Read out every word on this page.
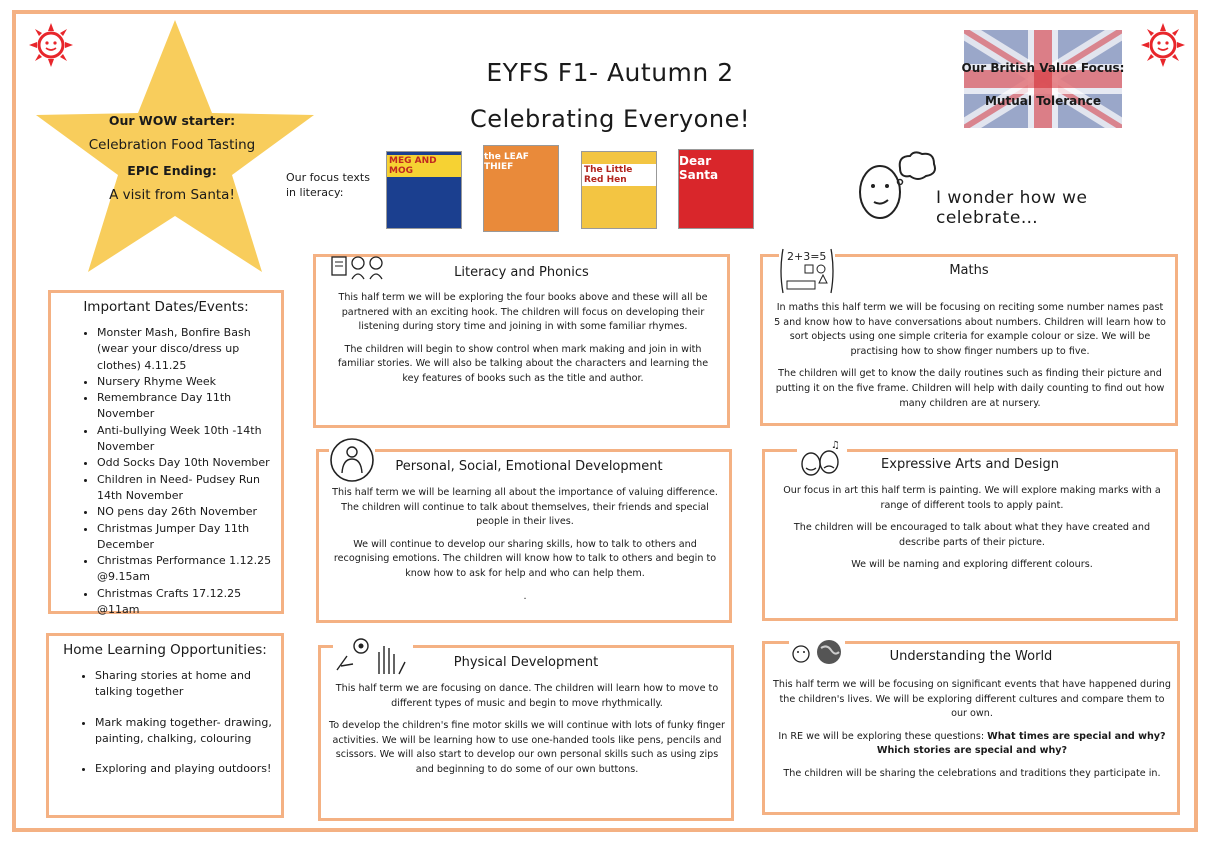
Our WOW starter:
Celebration Food Tasting
EPIC Ending:
A visit from Santa!
EYFS F1- Autumn 2
Celebrating Everyone!
Our focus texts in literacy:
MEG AND MOG
the LEAF THIEF	The Little Red Hen
Dear Santa
Our British Value Focus:
Mutual Tolerance
I wonder how we celebrate…
Important Dates/Events:
• Monster Mash, Bonfire Bash (wear your disco/dress up clothes) 4.11.25
• Nursery Rhyme Week
• Remembrance Day 11th November
• Anti-bullying Week 10th -14th November
• Odd Socks Day 10th November
• Children in Need- Pudsey Run 14th November
• NO pens day 26th November
• Christmas Jumper Day 11th December
• Christmas Performance 1.12.25 @9.15am
• Christmas Crafts 17.12.25 @11am
Home Learning Opportunities:
• Sharing stories at home and talking together
• Mark making together- drawing, painting, chalking, colouring
• Exploring and playing outdoors!
Literacy and Phonics

This half term we will be exploring the four books above and these will all be partnered with an exciting hook. The children will focus on developing their listening during story time and joining in with some familiar rhymes.

The children will begin to show control when mark making and join in with familiar stories. We will also be talking about the characters and learning the key features of books such as the title and author.

2+3=5
Maths

In maths this half term we will be focusing on reciting some number names past 5 and know how to have conversations about numbers. Children will learn how to sort objects using one simple criteria for example colour or size. We will be practising how to show finger numbers up to five.

The children will get to know the daily routines such as finding their picture and putting it on the five frame. Children will help with daily counting to find out how many children are at nursery.

Personal, Social, Emotional Development

This half term we will be learning all about the importance of valuing difference. The children will continue to talk about themselves, their friends and special people in their lives.

We will continue to develop our sharing skills, how to talk to others and recognising emotions. The children will know how to talk to others and begin to know how to ask for help and who can help them.

.

♫
Expressive Arts and Design

Our focus in art this half term is painting. We will explore making marks with a range of different tools to apply paint.

The children will be encouraged to talk about what they have created and describe parts of their picture.

We will be naming and exploring different colours.

Physical Development

This half term we are focusing on dance. The children will learn how to move to different types of music and begin to move rhythmically.

To develop the children's fine motor skills we will continue with lots of funky finger activities. We will be learning how to use one-handed tools like pens, pencils and scissors. We will also start to develop our own personal skills such as using zips and beginning to do some of our own buttons.

Understanding the World

This half term we will be focusing on significant events that have happened during the children's lives. We will be exploring different cultures and compare them to our own.

In RE we will be exploring these questions: What times are special and why?
Which stories are special and why?

The children will be sharing the celebrations and traditions they participate in.
